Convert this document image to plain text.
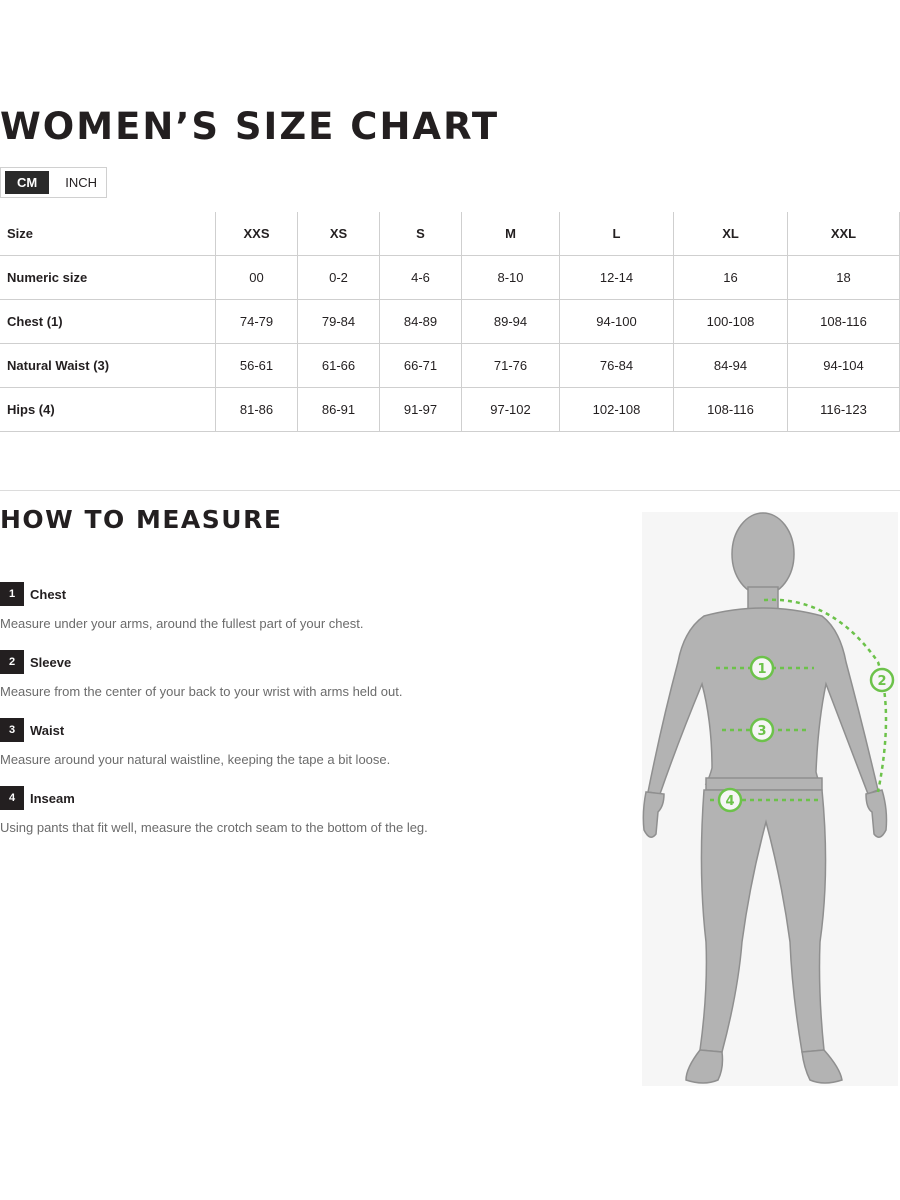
WOMEN’S SIZE CHART
CM	INCH
Size	XXS	XS	S	M	L	XL	XXL
Numeric size	00	0-2	4-6	8-10	12-14	16	18
Chest (1)	74-79	79-84	84-89	89-94	94-100	100-108	108-116
Natural Waist (3)	56-61	61-66	66-71	71-76	76-84	84-94	94-104
Hips (4)	81-86	86-91	91-97	97-102	102-108	108-116	116-123
HOW TO MEASURE
1 Chest
Measure under your arms, around the fullest part of your chest.
2 Sleeve
Measure from the center of your back to your wrist with arms held out.
3 Waist
Measure around your natural waistline, keeping the tape a bit loose.
4 Inseam
Using pants that fit well, measure the crotch seam to the bottom of the leg.
1
3
4
2
